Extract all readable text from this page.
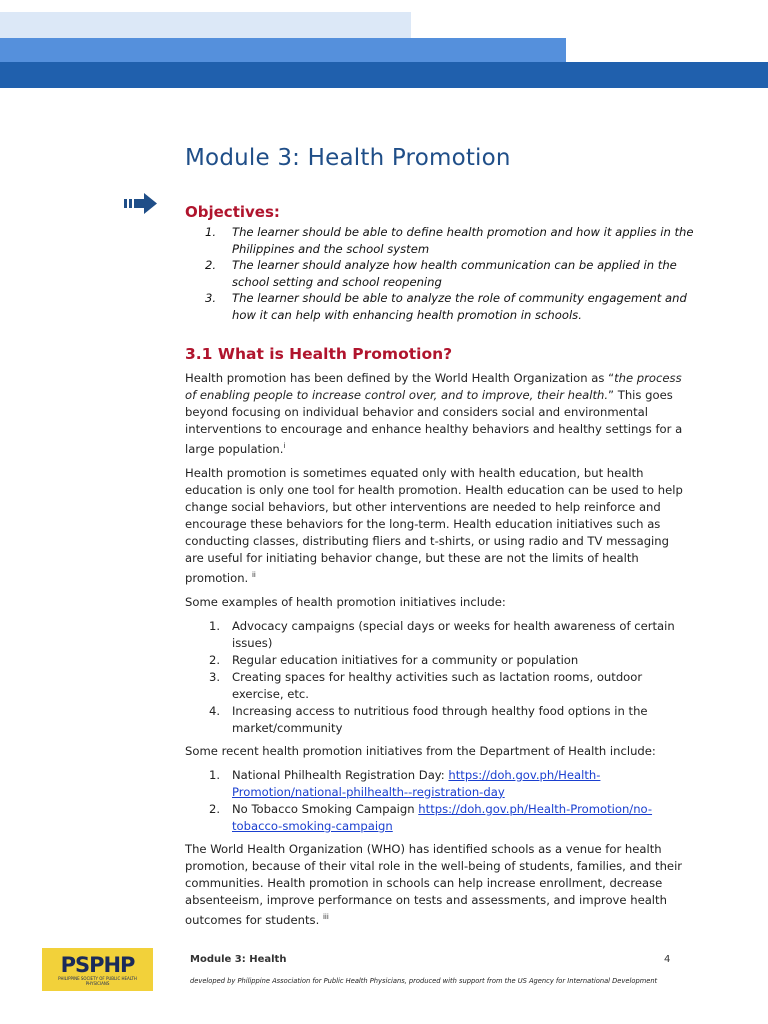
Module 3: Health Promotion
Objectives:
1.	The learner should be able to define health promotion and how it applies in the Philippines and the school system
2.	The learner should analyze how health communication can be applied in the school setting and school reopening
3.	The learner should be able to analyze the role of community engagement and how it can help with enhancing health promotion in schools.
3.1 What is Health Promotion?

Health promotion has been defined by the World Health Organization as “the process of enabling people to increase control over, and to improve, their health.” This goes beyond focusing on individual behavior and considers social and environmental interventions to encourage and enhance healthy behaviors and healthy settings for a large population.$^i$

Health promotion is sometimes equated only with health education, but health education is only one tool for health promotion. Health education can be used to help change social behaviors, but other interventions are needed to help reinforce and encourage these behaviors for the long-term. Health education initiatives such as conducting classes, distributing fliers and t-shirts, or using radio and TV messaging are useful for initiating behavior change, but these are not the limits of health promotion. $^{ii}$

Some examples of health promotion initiatives include:

1.	Advocacy campaigns (special days or weeks for health awareness of certain issues)
2.	Regular education initiatives for a community or population
3.	Creating spaces for healthy activities such as lactation rooms, outdoor exercise, etc.
4.	Increasing access to nutritious food through healthy food options in the market/community

Some recent health promotion initiatives from the Department of Health include:

1.	National Philhealth Registration Day: https://doh.gov.ph/Health-Promotion/national-philhealth--registration-day
2.	No Tobacco Smoking Campaign https://doh.gov.ph/Health-Promotion/no-tobacco-smoking-campaign

The World Health Organization (WHO) has identified schools as a venue for health promotion, because of their vital role in the well-being of students, families, and their communities. Health promotion in schools can help increase enrollment, decrease absenteeism, improve performance on tests and assessments, and improve health outcomes for students. $^{iii}$

PSPHP
PHILIPPINE SOCIETY OF PUBLIC HEALTH PHYSICIANS
Module 3: Health	4
developed by Philippine Association for Public Health Physicians, produced with support from the US Agency for International Development
